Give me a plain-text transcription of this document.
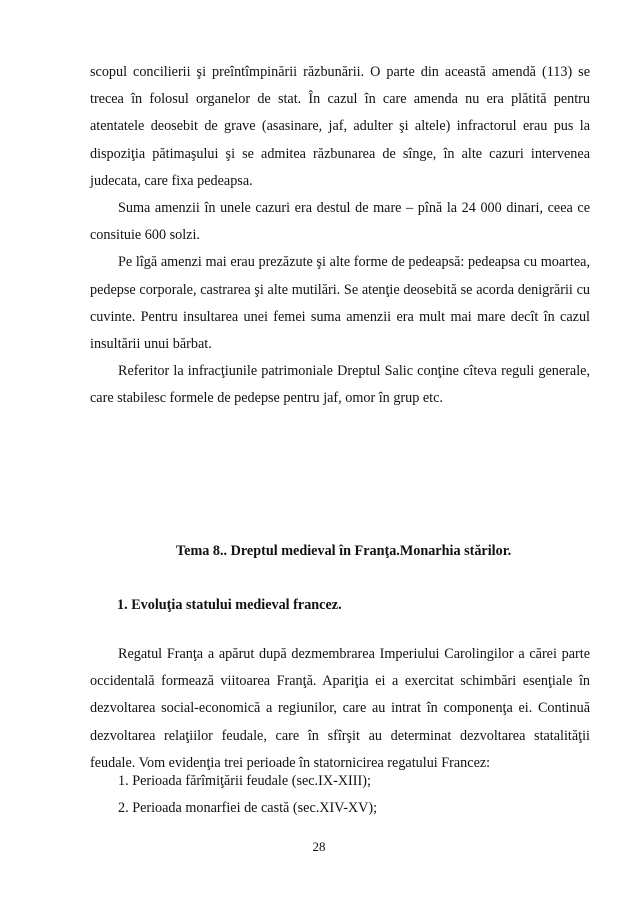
scopul concilierii şi preîntîmpinării răzbunării. O parte din această amendă (113) se trecea în folosul organelor de stat. În cazul în care amenda nu era plătită pentru atentatele deosebit de grave (asasinare, jaf, adulter şi altele) infractorul erau pus la dispoziţia pătimaşului şi se admitea răzbunarea de sînge, în alte cazuri intervenea judecata, care fixa pedeapsa.

Suma amenzii în unele cazuri era destul de mare – pînă la 24 000 dinari, ceea ce consituie 600 solzi.

Pe lîgă amenzi mai erau prezăzute şi alte forme de pedeapsă: pedeapsa cu moartea, pedepse corporale, castrarea şi alte mutilări. Se atenţie deosebită se acorda denigrării cu cuvinte. Pentru insultarea unei femei suma amenzii era mult mai mare decît în cazul insultării unui bărbat.

Referitor la infracţiunile patrimoniale Dreptul Salic conţine cîteva reguli generale, care stabilesc formele de pedepse pentru jaf, omor în grup etc.

Tema 8.. Dreptul medieval în Franţa.Monarhia stărilor.
1. Evoluţia statului medieval francez.

Regatul Franţa a apărut după dezmembrarea Imperiului Carolingilor a cărei parte occidentală formează viitoarea Franţă. Apariţia ei a exercitat schimbări esenţiale în dezvoltarea social-economică a regiunilor, care au intrat în componenţa ei. Continuă dezvoltarea relaţiilor feudale, care în sfîrşit au determinat dezvoltarea statalităţii feudale. Vom evidenţia trei perioade în statornicirea regatului Francez:

1. Perioada fărîmiţării feudale (sec.IX-XIII);
2. Perioada monarfiei de castă (sec.XIV-XV);
28
